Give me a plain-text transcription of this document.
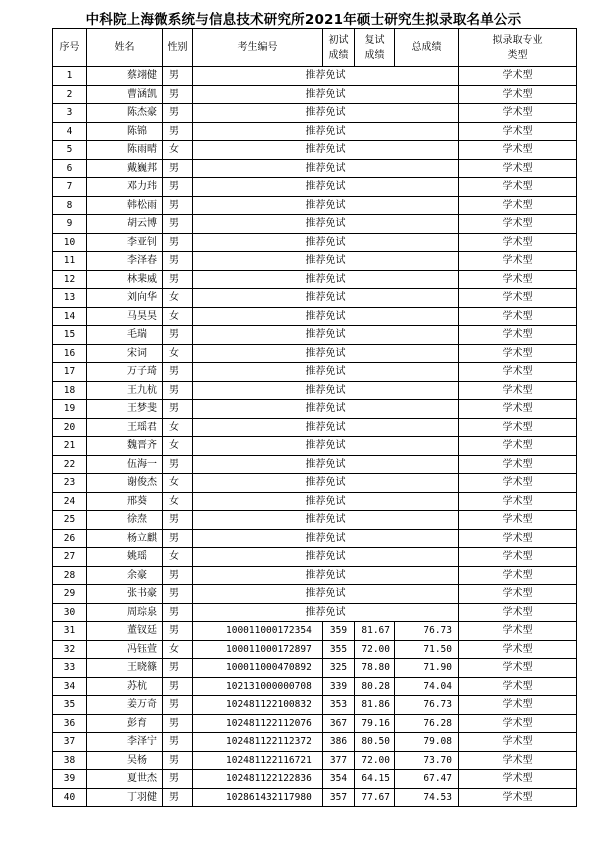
中科院上海微系统与信息技术研究所2021年硕士研究生拟录取名单公示
序号	姓名	性别	考生编号	初试
成绩	复试
成绩	总成绩	拟录取专业
类型
1	蔡翊健	男	推荐免试				学术型
2	曹涵凯	男	推荐免试				学术型
3	陈杰豪	男	推荐免试				学术型
4	陈锦	男	推荐免试				学术型
5	陈雨晴	女	推荐免试				学术型
6	戴巍邦	男	推荐免试				学术型
7	邓力玮	男	推荐免试				学术型
8	韩松雨	男	推荐免试				学术型
9	胡云博	男	推荐免试				学术型
10	李亚钊	男	推荐免试				学术型
11	李泽春	男	推荐免试				学术型
12	林棐威	男	推荐免试				学术型
13	刘向华	女	推荐免试				学术型
14	马昊昊	女	推荐免试				学术型
15	毛瑞	男	推荐免试				学术型
16	宋词	女	推荐免试				学术型
17	万子琦	男	推荐免试				学术型
18	王九杭	男	推荐免试				学术型
19	王梦斐	男	推荐免试				学术型
20	王瑶君	女	推荐免试				学术型
21	魏晋齐	女	推荐免试				学术型
22	伍海一	男	推荐免试				学术型
23	谢俊杰	女	推荐免试				学术型
24	邢葵	女	推荐免试				学术型
25	徐焘	男	推荐免试				学术型
26	杨立麒	男	推荐免试				学术型
27	姚瑶	女	推荐免试				学术型
28	余豪	男	推荐免试				学术型
29	张书豪	男	推荐免试				学术型
30	周琮泉	男	推荐免试				学术型
31	董钗廷	男	100011000172354	359	81.67	76.73	学术型
32	冯钰萱	女	100011000172897	355	72.00	71.50	学术型
33	王晓篠	男	100011000470892	325	78.80	71.90	学术型
34	苏杭	男	102131000000708	339	80.28	74.04	学术型
35	姜万奇	男	102481122100832	353	81.86	76.73	学术型
36	彭育	男	102481122112076	367	79.16	76.28	学术型
37	李泽宁	男	102481122112372	386	80.50	79.08	学术型
38	吴杨	男	102481122116721	377	72.00	73.70	学术型
39	夏世杰	男	102481122122836	354	64.15	67.47	学术型
40	丁羽健	男	102861432117980	357	77.67	74.53	学术型
